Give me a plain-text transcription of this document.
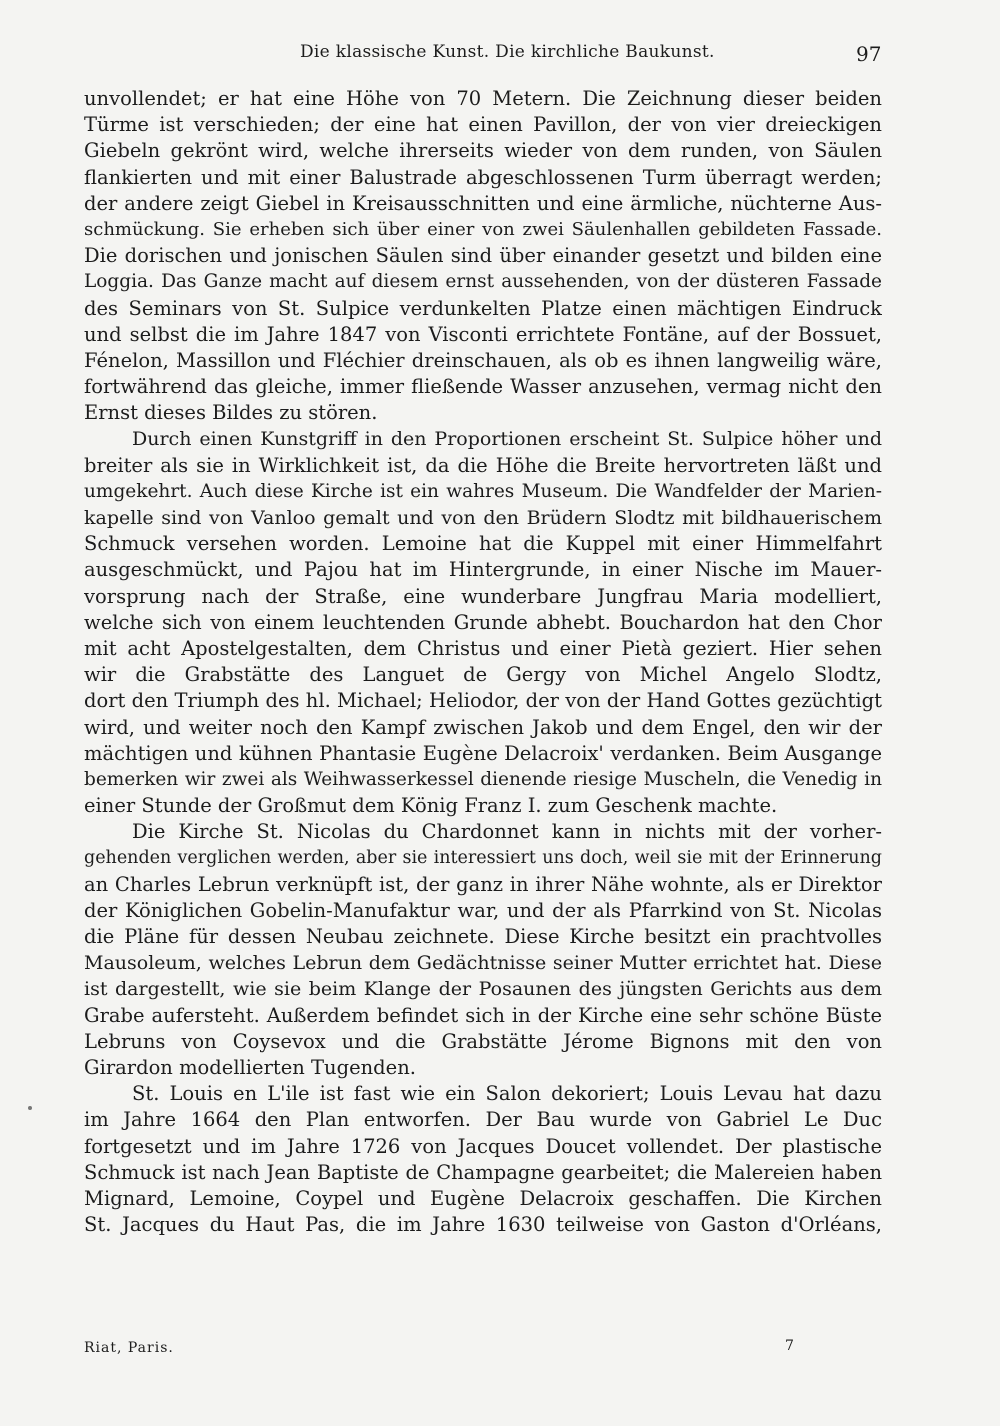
Die klassische Kunst. Die kirchliche Baukunst.	97
unvollendet; er hat eine Höhe von 70 Metern. Die Zeichnung dieser beiden
Türme ist verschieden; der eine hat einen Pavillon, der von vier dreieckigen
Giebeln gekrönt wird, welche ihrerseits wieder von dem runden, von Säulen
flankierten und mit einer Balustrade abgeschlossenen Turm überragt werden;
der andere zeigt Giebel in Kreisausschnitten und eine ärmliche, nüchterne Aus-
schmückung. Sie erheben sich über einer von zwei Säulenhallen gebildeten Fassade.
Die dorischen und jonischen Säulen sind über einander gesetzt und bilden eine
Loggia. Das Ganze macht auf diesem ernst aussehenden, von der düsteren Fassade
des Seminars von St. Sulpice verdunkelten Platze einen mächtigen Eindruck
und selbst die im Jahre 1847 von Visconti errichtete Fontäne, auf der Bossuet,
Fénelon, Massillon und Fléchier dreinschauen, als ob es ihnen langweilig wäre,
fortwährend das gleiche, immer fließende Wasser anzusehen, vermag nicht den
Ernst dieses Bildes zu stören.
Durch einen Kunstgriff in den Proportionen erscheint St. Sulpice höher und
breiter als sie in Wirklichkeit ist, da die Höhe die Breite hervortreten läßt und
umgekehrt. Auch diese Kirche ist ein wahres Museum. Die Wandfelder der Marien-
kapelle sind von Vanloo gemalt und von den Brüdern Slodtz mit bildhauerischem
Schmuck versehen worden. Lemoine hat die Kuppel mit einer Himmelfahrt
ausgeschmückt, und Pajou hat im Hintergrunde, in einer Nische im Mauer-
vorsprung nach der Straße, eine wunderbare Jungfrau Maria modelliert,
welche sich von einem leuchtenden Grunde abhebt. Bouchardon hat den Chor
mit acht Apostelgestalten, dem Christus und einer Pietà geziert. Hier sehen
wir die Grabstätte des Languet de Gergy von Michel Angelo Slodtz,
dort den Triumph des hl. Michael; Heliodor, der von der Hand Gottes gezüchtigt
wird, und weiter noch den Kampf zwischen Jakob und dem Engel, den wir der
mächtigen und kühnen Phantasie Eugène Delacroix' verdanken. Beim Ausgange
bemerken wir zwei als Weihwasserkessel dienende riesige Muscheln, die Venedig in
einer Stunde der Großmut dem König Franz I. zum Geschenk machte.
Die Kirche St. Nicolas du Chardonnet kann in nichts mit der vorher-
gehenden verglichen werden, aber sie interessiert uns doch, weil sie mit der Erinnerung
an Charles Lebrun verknüpft ist, der ganz in ihrer Nähe wohnte, als er Direktor
der Königlichen Gobelin-Manufaktur war, und der als Pfarrkind von St. Nicolas
die Pläne für dessen Neubau zeichnete. Diese Kirche besitzt ein prachtvolles
Mausoleum, welches Lebrun dem Gedächtnisse seiner Mutter errichtet hat. Diese
ist dargestellt, wie sie beim Klange der Posaunen des jüngsten Gerichts aus dem
Grabe aufersteht. Außerdem befindet sich in der Kirche eine sehr schöne Büste
Lebruns von Coysevox und die Grabstätte Jérome Bignons mit den von
Girardon modellierten Tugenden.
St. Louis en L'ile ist fast wie ein Salon dekoriert; Louis Levau hat dazu
im Jahre 1664 den Plan entworfen. Der Bau wurde von Gabriel Le Duc
fortgesetzt und im Jahre 1726 von Jacques Doucet vollendet. Der plastische
Schmuck ist nach Jean Baptiste de Champagne gearbeitet; die Malereien haben
Mignard, Lemoine, Coypel und Eugène Delacroix geschaffen. Die Kirchen
St. Jacques du Haut Pas, die im Jahre 1630 teilweise von Gaston d'Orléans,
Riat, Paris.	7
